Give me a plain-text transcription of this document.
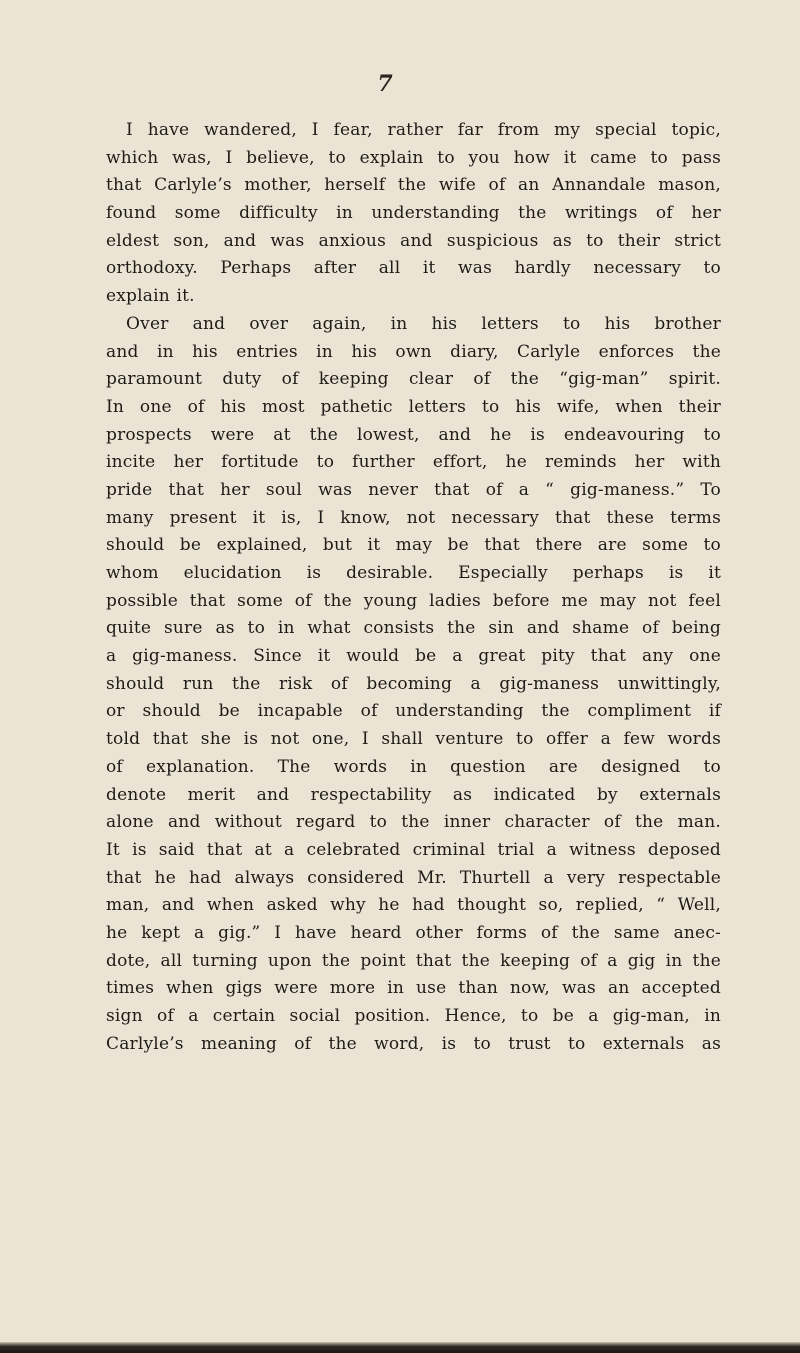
7
I have wandered, I fear, rather far from my special topic,
which was, I believe, to explain to you how it came to pass
that Carlyle’s mother, herself the wife of an Annandale mason,
found some difficulty in understanding the writings of her
eldest son, and was anxious and suspicious as to their strict
orthodoxy. Perhaps after all it was hardly necessary to
explain it.
Over and over again, in his letters to his brother
and in his entries in his own diary, Carlyle enforces the
paramount duty of keeping clear of the “gig-man” spirit.
In one of his most pathetic letters to his wife, when their
prospects were at the lowest, and he is endeavouring to
incite her fortitude to further effort, he reminds her with
pride that her soul was never that of a “ gig-maness.” To
many present it is, I know, not necessary that these terms
should be explained, but it may be that there are some to
whom elucidation is desirable. Especially perhaps is it
possible that some of the young ladies before me may not feel
quite sure as to in what consists the sin and shame of being
a gig-maness. Since it would be a great pity that any one
should run the risk of becoming a gig-maness unwittingly,
or should be incapable of understanding the compliment if
told that she is not one, I shall venture to offer a few words
of explanation. The words in question are designed to
denote merit and respectability as indicated by externals
alone and without regard to the inner character of the man.
It is said that at a celebrated criminal trial a witness deposed
that he had always considered Mr. Thurtell a very respectable
man, and when asked why he had thought so, replied, “ Well,
he kept a gig.” I have heard other forms of the same anec-
dote, all turning upon the point that the keeping of a gig in the
times when gigs were more in use than now, was an accepted
sign of a certain social position. Hence, to be a gig-man, in
Carlyle’s meaning of the word, is to trust to externals as
